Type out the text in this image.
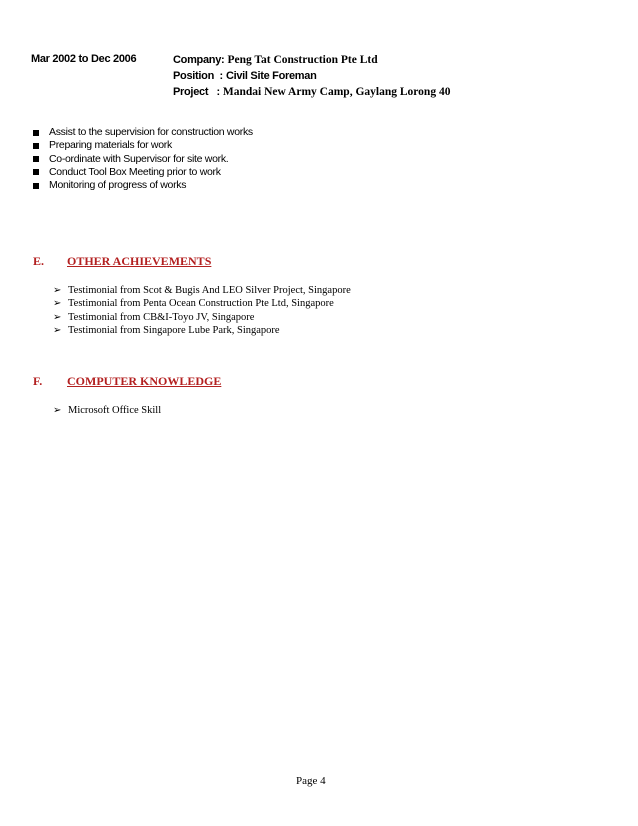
Mar 2002 to Dec 2006	Company: Peng Tat Construction Pte Ltd
Position  : Civil Site Foreman
Project   : Mandai New Army Camp, Gaylang Lorong 40
Assist to the supervision for construction works
Preparing materials for work
Co-ordinate with Supervisor for site work.
Conduct Tool Box Meeting prior to work
Monitoring of progress of works
E. OTHER ACHIEVEMENTS
➢ Testimonial from Scot & Bugis And LEO Silver Project, Singapore
➢ Testimonial from Penta Ocean Construction Pte Ltd, Singapore
➢ Testimonial from CB&I-Toyo JV, Singapore
➢ Testimonial from Singapore Lube Park, Singapore
F. COMPUTER KNOWLEDGE
➢ Microsoft Office Skill
Page 4
